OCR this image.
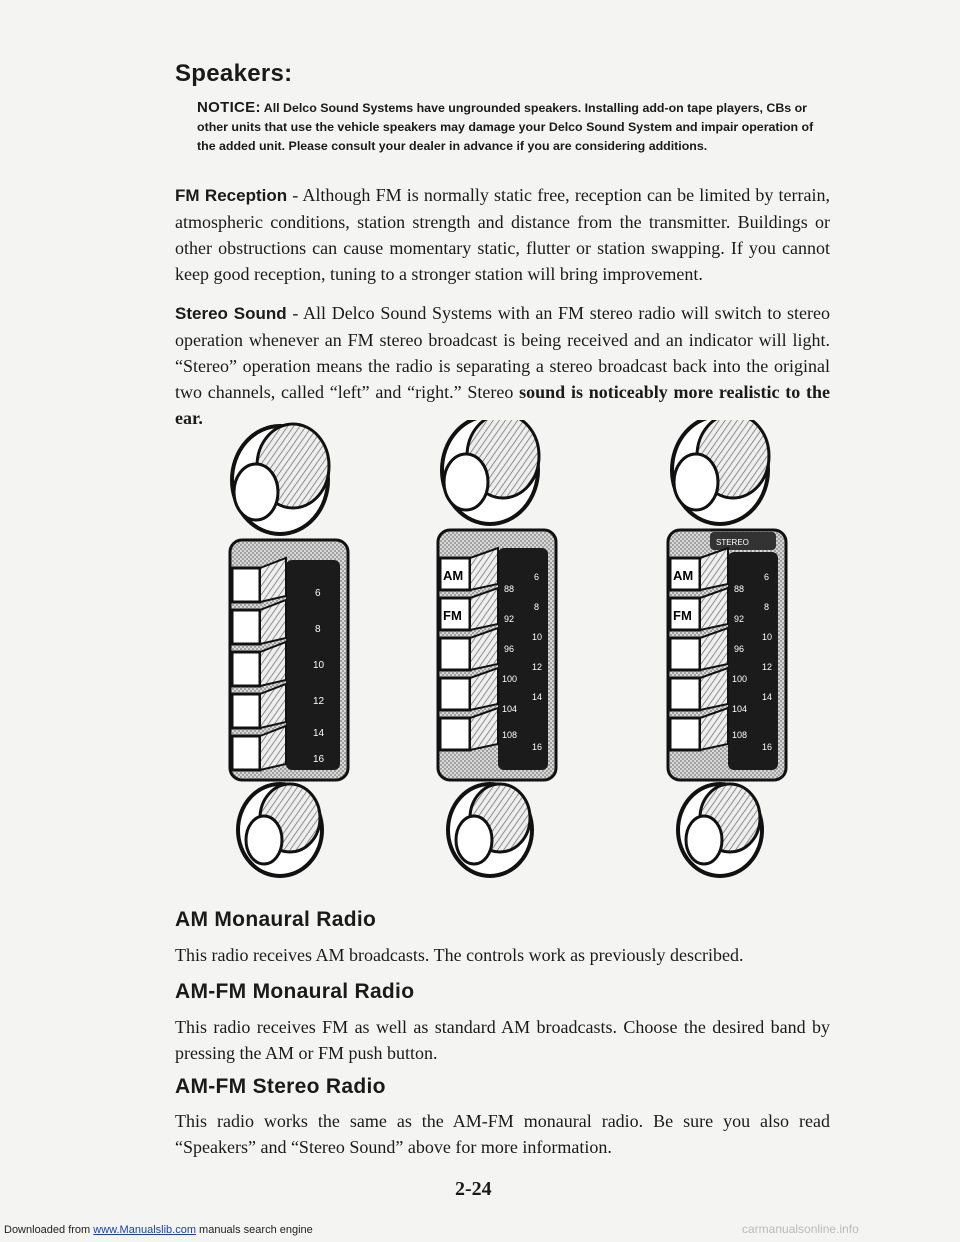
Speakers:

NOTICE: All Delco Sound Systems have ungrounded speakers. Installing add-on tape players, CBs or other units that use the vehicle speakers may damage your Delco Sound System and impair operation of the added unit. Please consult your dealer in advance if you are considering additions.

FM Reception - Although FM is normally static free, reception can be limited by terrain, atmospheric conditions, station strength and distance from the transmitter. Buildings or other obstructions can cause momentary static, flutter or station swapping. If you cannot keep good reception, tuning to a stronger station will bring improvement.

Stereo Sound - All Delco Sound Systems with an FM stereo radio will switch to stereo operation whenever an FM stereo broadcast is being received and an indicator will light. “Stereo” operation means the radio is separating a stereo broadcast back into the original two channels, called “left” and “right.” Stereo sound is noticeably more realistic to the ear.

6
8
10
12
14
16
AM
FM
88
92
96
100
104
108
6
8
10
12
14
16
STEREO
AM
FM
88
92
96
100
104
108
6
8
10
12
14
16
AM Monaural Radio

This radio receives AM broadcasts. The controls work as previously described.

AM-FM Monaural Radio

This radio receives FM as well as standard AM broadcasts. Choose the desired band by pressing the AM or FM push button.

AM-FM Stereo Radio

This radio works the same as the AM-FM monaural radio. Be sure you also read “Speakers” and “Stereo Sound” above for more information.

2-24
Downloaded from www.Manualslib.com manuals search engine	carmanualsonline.info
